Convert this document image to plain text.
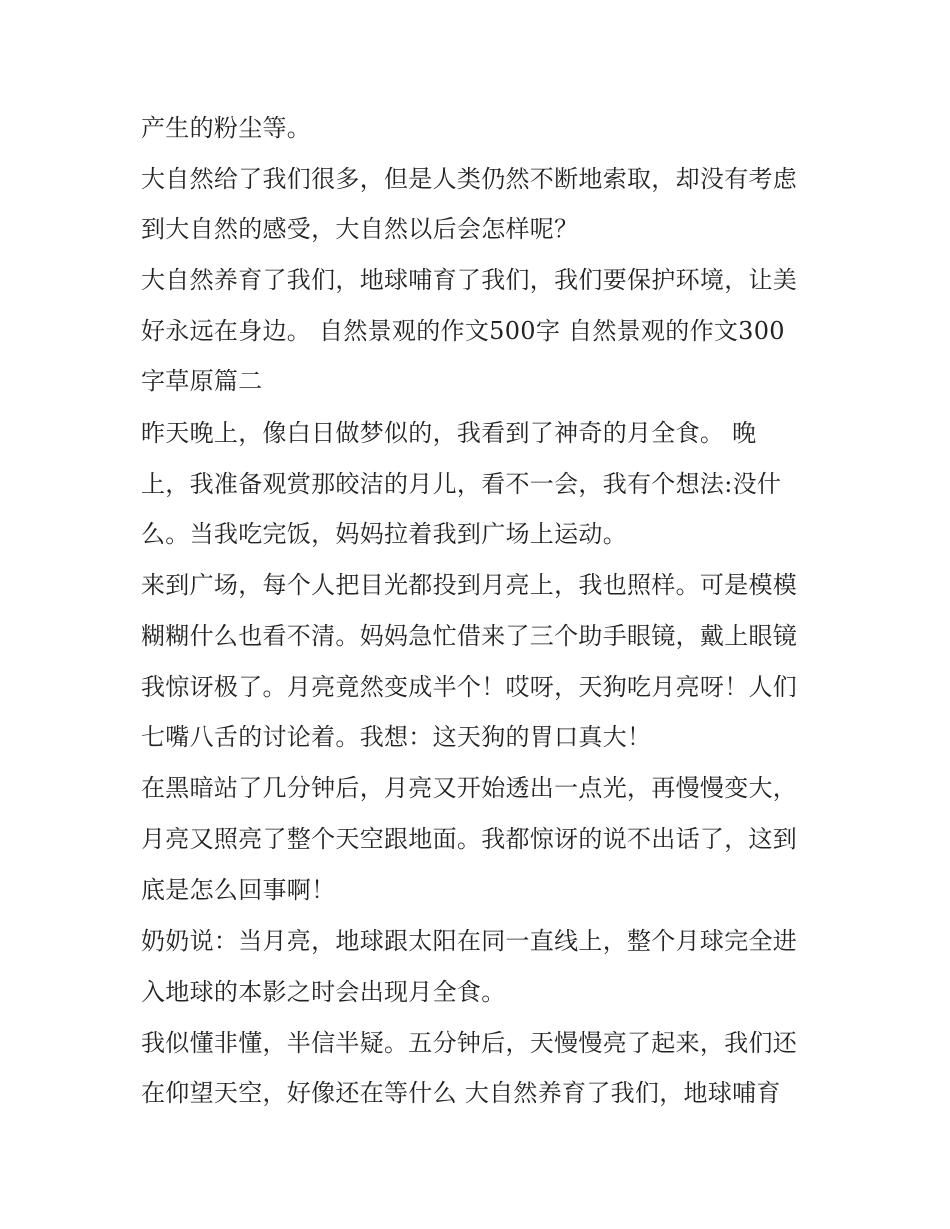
产生的粉尘等。
大自然给了我们很多，但是人类仍然不断地索取，却没有考虑
到大自然的感受，大自然以后会怎样呢？
大自然养育了我们，地球哺育了我们，我们要保护环境，让美
好永远在身边。 自然景观的作文500字 自然景观的作文300
字草原篇二
昨天晚上，像白日做梦似的，我看到了神奇的月全食。 晚
上，我准备观赏那皎洁的月儿，看不一会，我有个想法:没什
么。当我吃完饭，妈妈拉着我到广场上运动。
来到广场，每个人把目光都投到月亮上，我也照样。可是模模
糊糊什么也看不清。妈妈急忙借来了三个助手眼镜，戴上眼镜
我惊讶极了。月亮竟然变成半个！哎呀，天狗吃月亮呀！人们
七嘴八舌的讨论着。我想：这天狗的胃口真大！
在黑暗站了几分钟后，月亮又开始透出一点光，再慢慢变大，
月亮又照亮了整个天空跟地面。我都惊讶的说不出话了，这到
底是怎么回事啊！
奶奶说：当月亮，地球跟太阳在同一直线上，整个月球完全进
入地球的本影之时会出现月全食。
我似懂非懂，半信半疑。五分钟后，天慢慢亮了起来，我们还
在仰望天空，好像还在等什么 大自然养育了我们，地球哺育
